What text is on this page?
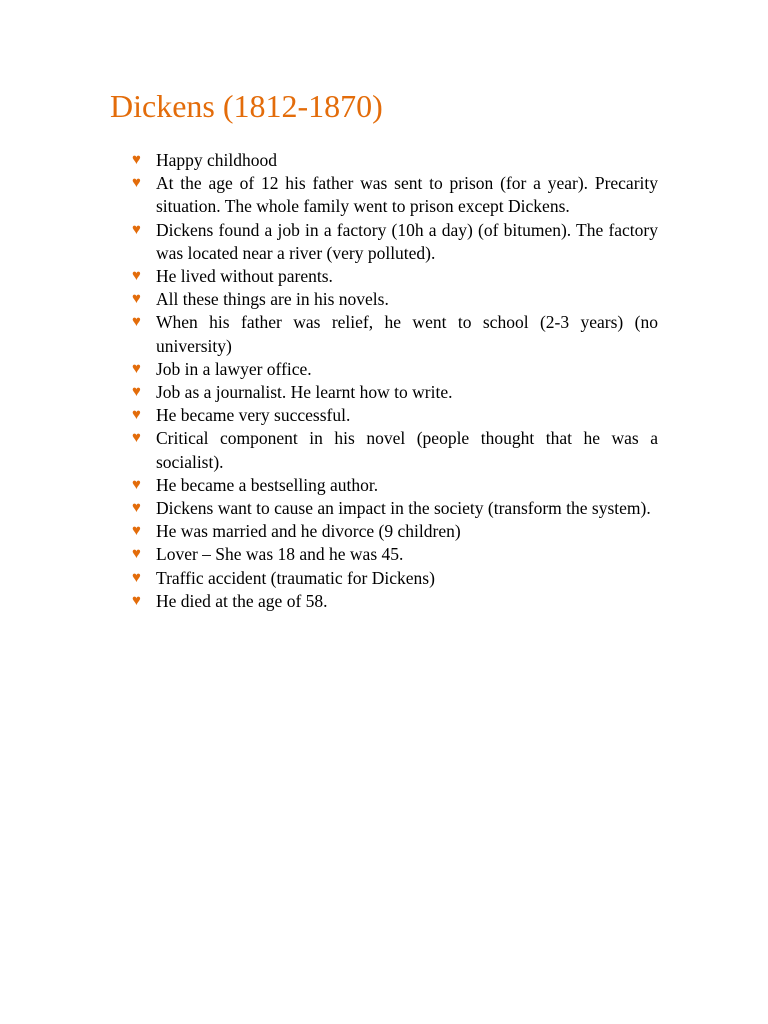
Dickens (1812-1870)
♥ Happy childhood
♥ At the age of 12 his father was sent to prison (for a year). Precarity situation. The whole family went to prison except Dickens.
♥ Dickens found a job in a factory (10h a day) (of bitumen). The factory was located near a river (very polluted).
♥ He lived without parents.
♥ All these things are in his novels.
♥ When his father was relief, he went to school (2-3 years) (no university)
♥ Job in a lawyer office.
♥ Job as a journalist. He learnt how to write.
♥ He became very successful.
♥ Critical component in his novel (people thought that he was a socialist).
♥ He became a bestselling author.
♥ Dickens want to cause an impact in the society (transform the system).
♥ He was married and he divorce (9 children)
♥ Lover – She was 18 and he was 45.
♥ Traffic accident (traumatic for Dickens)
♥ He died at the age of 58.
